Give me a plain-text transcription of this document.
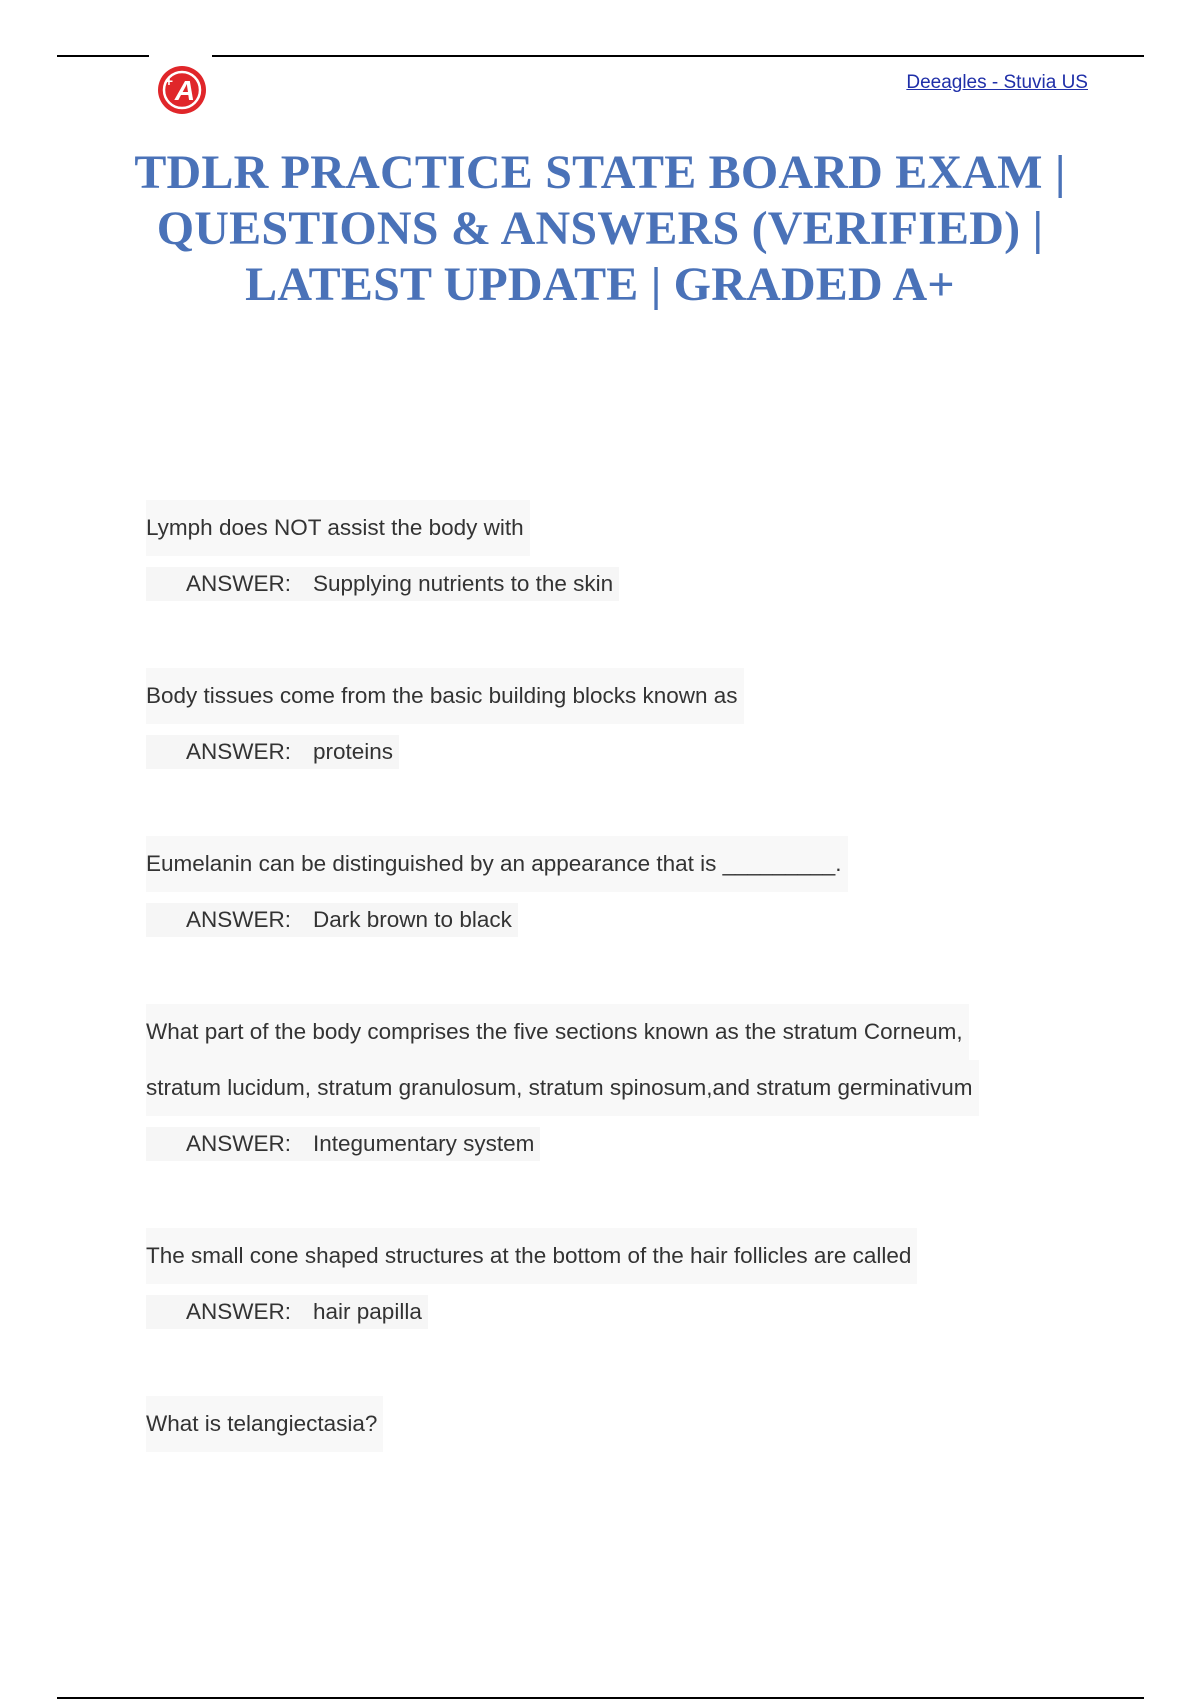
A
+	Deeagles - Stuvia US
TDLR PRACTICE STATE BOARD EXAM |
QUESTIONS & ANSWERS (VERIFIED) |
LATEST UPDATE | GRADED A+
Lymph does NOT assist the body with
ANSWER: Supplying nutrients to the skin
Body tissues come from the basic building blocks known as
ANSWER: proteins
Eumelanin can be distinguished by an appearance that is _________.
ANSWER: Dark brown to black
What part of the body comprises the five sections known as the stratum Corneum,
stratum lucidum, stratum granulosum, stratum spinosum,and stratum germinativum
ANSWER: Integumentary system
The small cone shaped structures at the bottom of the hair follicles are called
ANSWER: hair papilla
What is telangiectasia?
